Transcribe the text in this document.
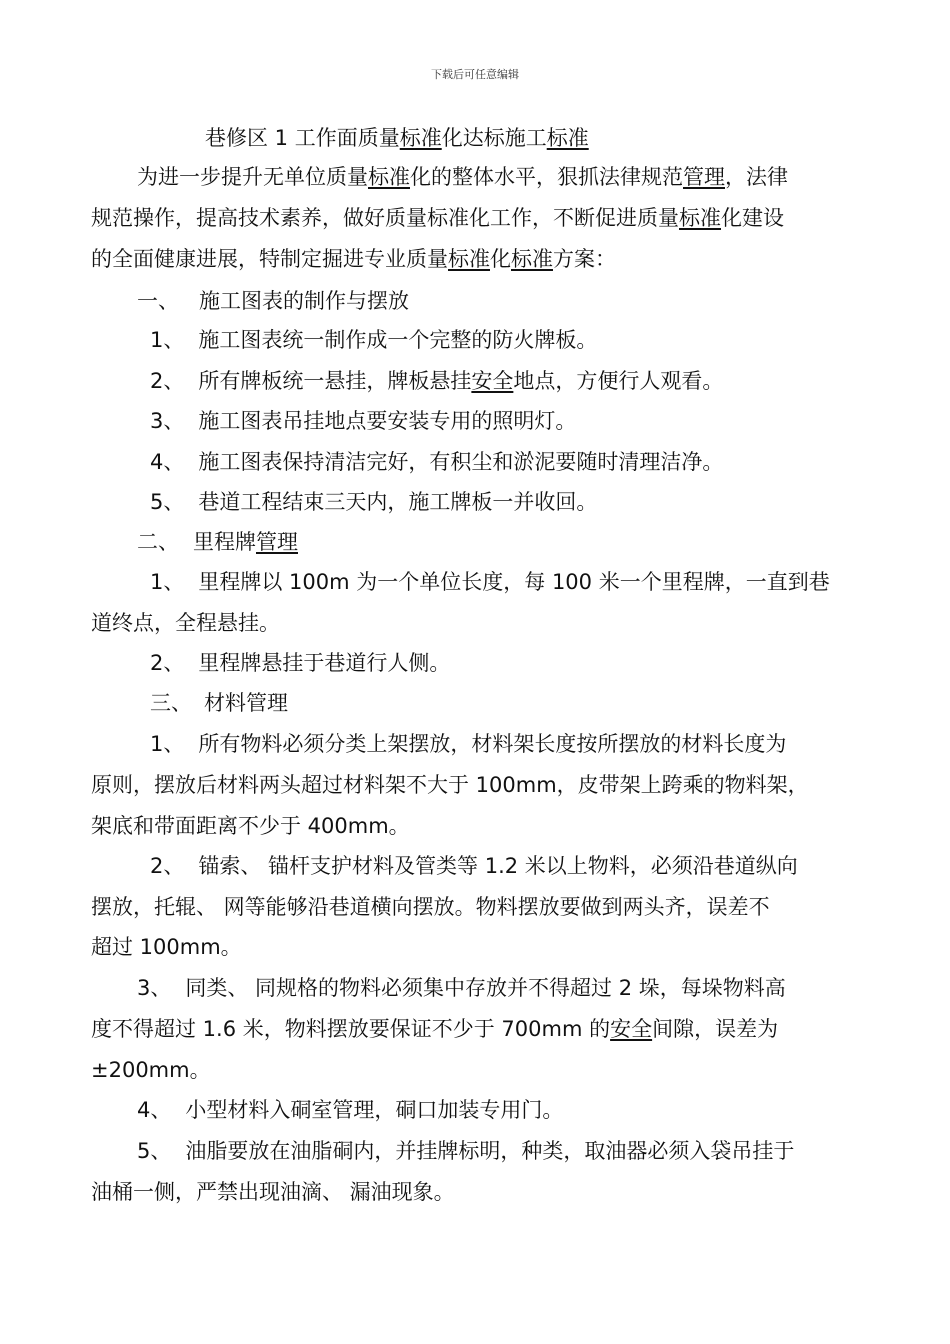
下载后可任意编辑
巷修区 1 工作面质量标准化达标施工标准
为进一步提升无单位质量标准化的整体水平，狠抓法律规范管理，法律
规范操作，提高技术素养，做好质量标准化工作，不断促进质量标准化建设
的全面健康进展，特制定掘进专业质量标准化标准方案：
一、 施工图表的制作与摆放
1、 施工图表统一制作成一个完整的防火牌板。
2、 所有牌板统一悬挂，牌板悬挂安全地点，方便行人观看。
3、 施工图表吊挂地点要安装专用的照明灯。
4、 施工图表保持清洁完好，有积尘和淤泥要随时清理洁净。
5、 巷道工程结束三天内，施工牌板一并收回。
二、 里程牌管理
1、 里程牌以 100m 为一个单位长度，每 100 米一个里程牌，一直到巷
道终点，全程悬挂。
2、 里程牌悬挂于巷道行人侧。
三、 材料管理
1、 所有物料必须分类上架摆放，材料架长度按所摆放的材料长度为
原则，摆放后材料两头超过材料架不大于 100mm，皮带架上跨乘的物料架，
架底和带面距离不少于 400mm。
2、 锚索、 锚杆支护材料及管类等 1.2 米以上物料，必须沿巷道纵向
摆放，托辊、 网等能够沿巷道横向摆放。物料摆放要做到两头齐，误差不
超过 100mm。
3、 同类、 同规格的物料必须集中存放并不得超过 2 垛，每垛物料高
度不得超过 1.6 米，物料摆放要保证不少于 700mm 的安全间隙，误差为
±200mm。
4、 小型材料入硐室管理，硐口加装专用门。
5、 油脂要放在油脂硐内，并挂牌标明，种类，取油器必须入袋吊挂于
油桶一侧，严禁出现油滴、 漏油现象。
